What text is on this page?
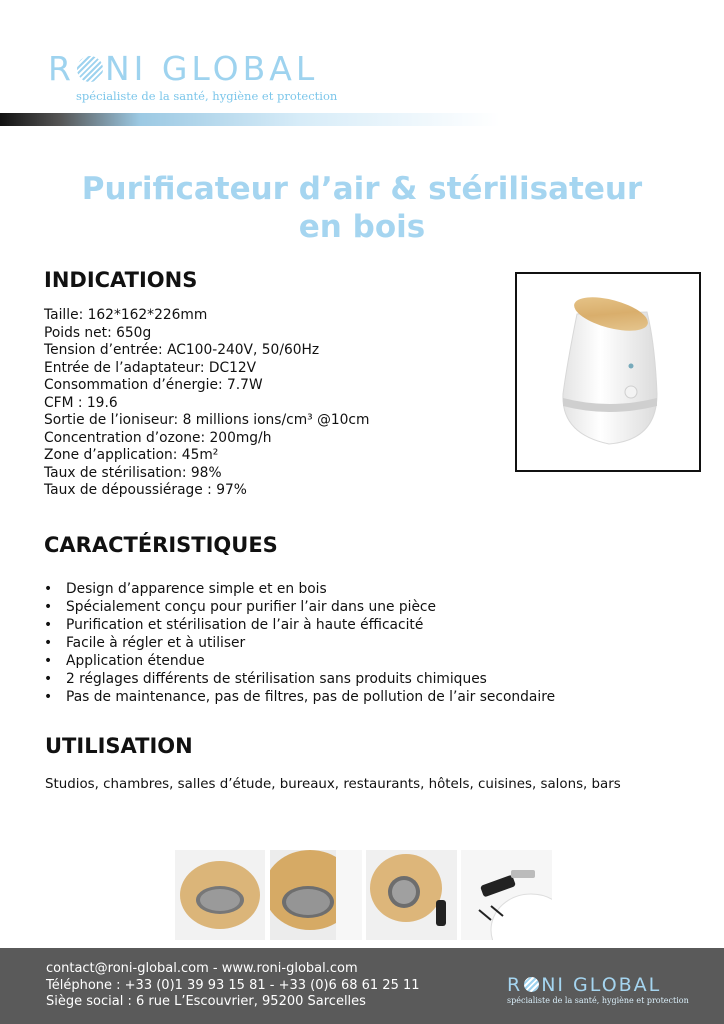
R NI GLOBAL
spécialiste de la santé, hygiène et protection
Purificateur d’air & stérilisateur
en bois
INDICATIONS
Taille: 162*162*226mm
Poids net: 650g
Tension d’entrée: AC100-240V, 50/60Hz
Entrée de l’adaptateur: DC12V
Consommation d’énergie: 7.7W
CFM : 19.6
Sortie de l’ioniseur: 8 millions ions/cm³ @10cm
Concentration d’ozone: 200mg/h
Zone d’application: 45m²
Taux de stérilisation: 98%
Taux de dépoussiérage : 97%
CARACTÉRISTIQUES
• Design d’apparence simple et en bois
• Spécialement conçu pour purifier l’air dans une pièce
• Purification et stérilisation de l’air à haute éfficacité
• Facile à régler et à utiliser
• Application étendue
• 2 réglages différents de stérilisation sans produits chimiques
• Pas de maintenance, pas de filtres, pas de pollution de l’air secondaire
UTILISATION
Studios, chambres, salles d’étude, bureaux, restaurants, hôtels, cuisines, salons, bars
contact@roni-global.com - www.roni-global.com
Téléphone : +33 (0)1 39 93 15 81 - +33 (0)6 68 61 25 11
Siège social : 6 rue L’Escouvrier, 95200 Sarcelles
R NI GLOBAL
spécialiste de la santé, hygiène et protection
